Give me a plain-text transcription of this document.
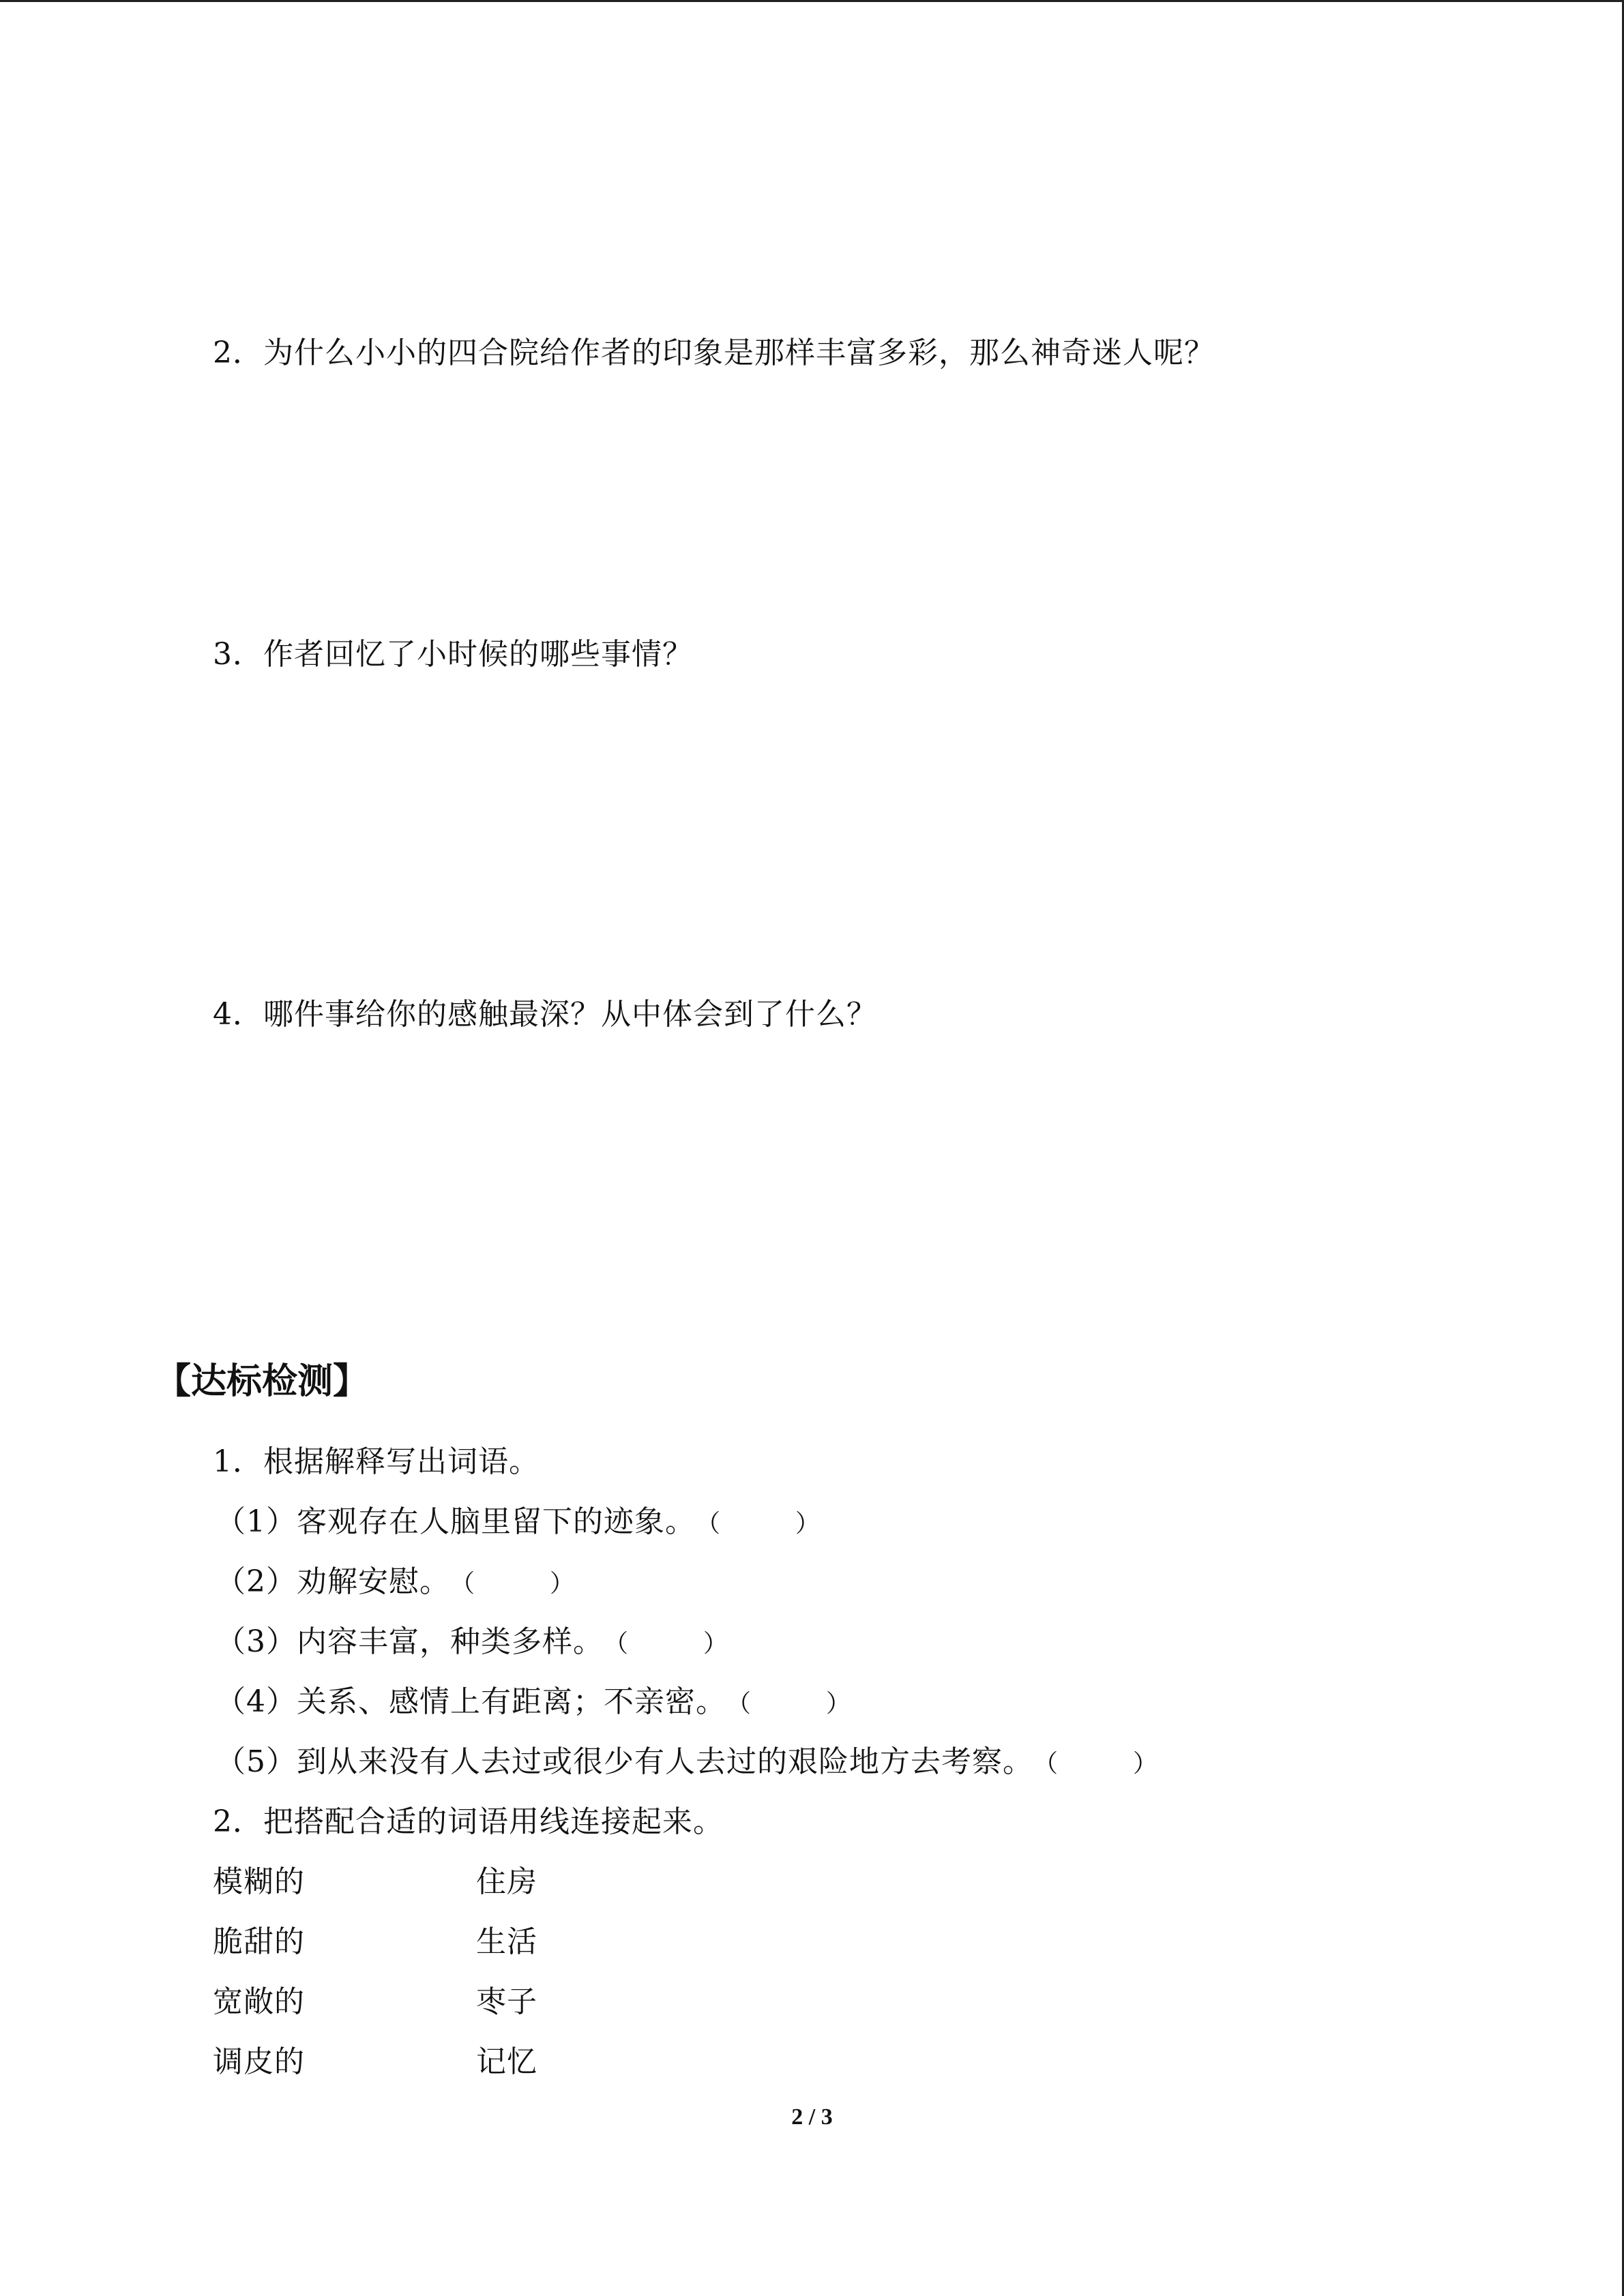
2．为什么小小的四合院给作者的印象是那样丰富多彩，那么神奇迷人呢？
3．作者回忆了小时候的哪些事情？
4．哪件事给你的感触最深？从中体会到了什么？
【达标检测】
1．根据解释写出词语。
（1）客观存在人脑里留下的迹象。（	）
（2）劝解安慰。（	）
（3）内容丰富，种类多样。（	）
（4）关系、感情上有距离；不亲密。（	）
（5）到从来没有人去过或很少有人去过的艰险地方去考察。（	）
2．把搭配合适的词语用线连接起来。
模糊的	住房
脆甜的	生活
宽敞的	枣子
调皮的	记忆
2 / 3
